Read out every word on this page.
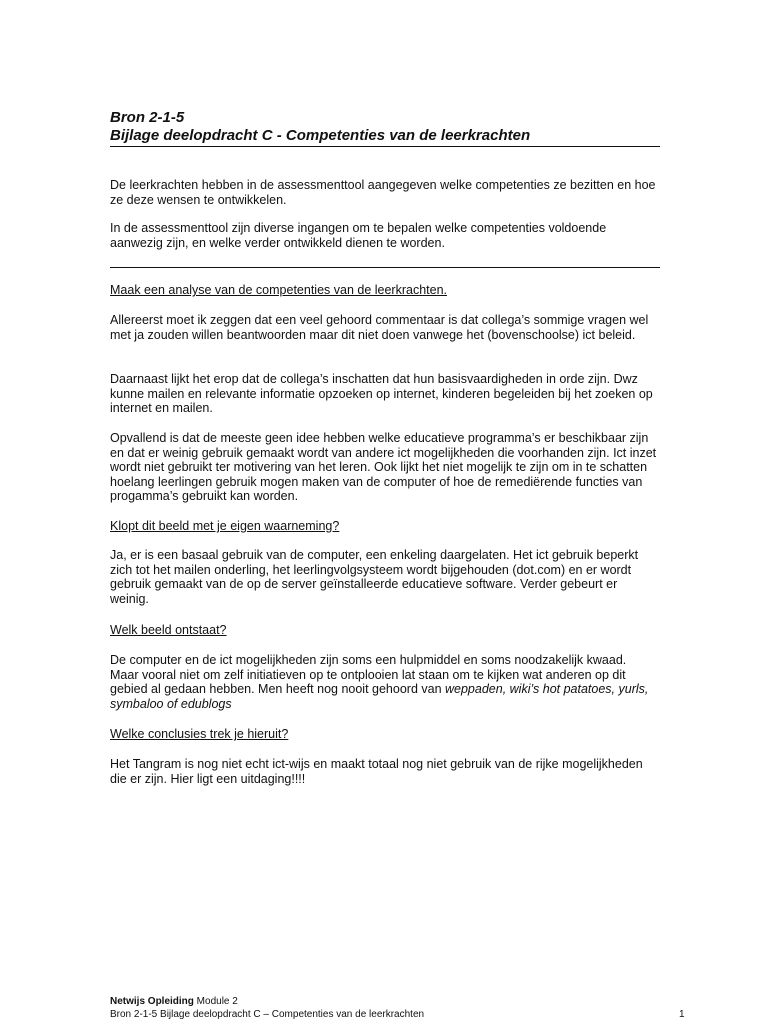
Bron 2-1-5
Bijlage deelopdracht C - Competenties van de leerkrachten

De leerkrachten hebben in de assessmenttool aangegeven welke competenties ze bezitten en hoe ze deze wensen te ontwikkelen.

In de assessmenttool zijn diverse ingangen om te bepalen welke competenties voldoende aanwezig zijn, en welke verder ontwikkeld dienen te worden.

Maak een analyse van de competenties van de leerkrachten.

Allereerst moet ik zeggen dat een veel gehoord commentaar is dat collega’s sommige vragen wel met ja zouden willen beantwoorden maar dit niet doen vanwege het (bovenschoolse) ict beleid.

Daarnaast lijkt het erop dat de collega’s inschatten dat hun basisvaardigheden in orde zijn. Dwz kunne mailen en relevante informatie opzoeken op internet, kinderen begeleiden bij het zoeken op internet en mailen.

Opvallend is dat de meeste geen idee hebben welke educatieve programma’s er beschikbaar zijn en dat er weinig gebruik gemaakt wordt van andere ict mogelijkheden die voorhanden zijn. Ict inzet wordt niet gebruikt ter motivering van het leren. Ook lijkt het niet mogelijk te zijn om in te schatten hoelang leerlingen gebruik mogen maken van de computer of hoe de remediërende functies van progamma’s gebruikt kan worden.

Klopt dit beeld met je eigen waarneming?

Ja, er is een basaal gebruik van de computer, een enkeling daargelaten. Het ict gebruik beperkt zich tot het mailen onderling, het leerlingvolgsysteem wordt bijgehouden (dot.com) en er wordt gebruik gemaakt van de op de server geïnstalleerde educatieve software. Verder gebeurt er weinig.

Welk beeld ontstaat?

De computer en de ict mogelijkheden zijn soms een hulpmiddel en soms noodzakelijk kwaad. Maar vooral niet om zelf initiatieven op te ontplooien lat staan om te kijken wat anderen op dit gebied al gedaan hebben. Men heeft nog nooit gehoord van weppaden, wiki’s hot patatoes, yurls, symbaloo of edublogs

Welke conclusies trek je hieruit?

Het Tangram is nog niet echt ict-wijs en maakt totaal nog niet gebruik van de rijke mogelijkheden die er zijn. Hier ligt een uitdaging!!!!

Netwijs Opleiding Module 2
Bron 2-1-5 Bijlage deelopdracht C – Competenties van de leerkrachten	1
